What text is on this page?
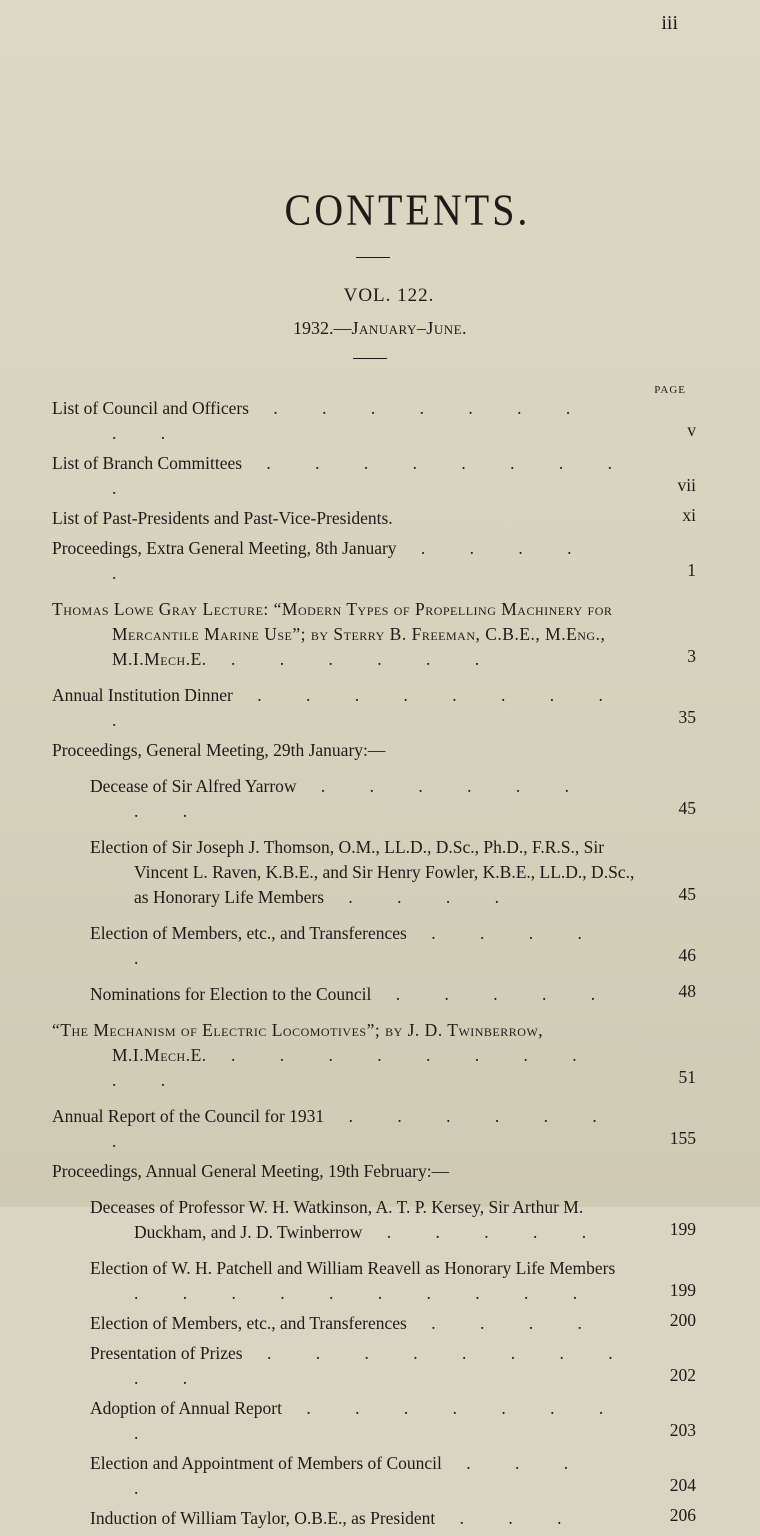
iii
CONTENTS.
VOL. 122.
1932.—January–June.
PAGE
List of Council and Officers . . . . . . . . .	v
List of Branch Committees . . . . . . . . .	vii
List of Past-Presidents and Past-Vice-Presidents.	xi
Proceedings, Extra General Meeting, 8th January . . . . .	1
Thomas Lowe Gray Lecture: “Modern Types of Propelling Machinery for Mercantile Marine Use”; by Sterry B. Freeman, C.B.E., M.Eng., M.I.Mech.E. . . . . . .	3
Annual Institution Dinner . . . . . . . . .	35
Proceedings, General Meeting, 29th January:—
Decease of Sir Alfred Yarrow . . . . . . . .	45
Election of Sir Joseph J. Thomson, O.M., LL.D., D.Sc., Ph.D., F.R.S., Sir Vincent L. Raven, K.B.E., and Sir Henry Fowler, K.B.E., LL.D., D.Sc., as Honorary Life Members . . . .	45
Election of Members, etc., and Transferences . . . . .	46
Nominations for Election to the Council . . . . .	48
“The Mechanism of Electric Locomotives”; by J. D. Twinberrow, M.I.Mech.E. . . . . . . . . . .	51
Annual Report of the Council for 1931 . . . . . . .	155
Proceedings, Annual General Meeting, 19th February:—
Deceases of Professor W. H. Watkinson, A. T. P. Kersey, Sir Arthur M. Duckham, and J. D. Twinberrow . . . . .	199
Election of W. H. Patchell and William Reavell as Honorary Life Members . . . . . . . . . .	199
Election of Members, etc., and Transferences . . . .	200
Presentation of Prizes . . . . . . . . . .	202
Adoption of Annual Report . . . . . . . .	203
Election and Appointment of Members of Council . . . .	204
Induction of William Taylor, O.B.E., as President . . .	206
